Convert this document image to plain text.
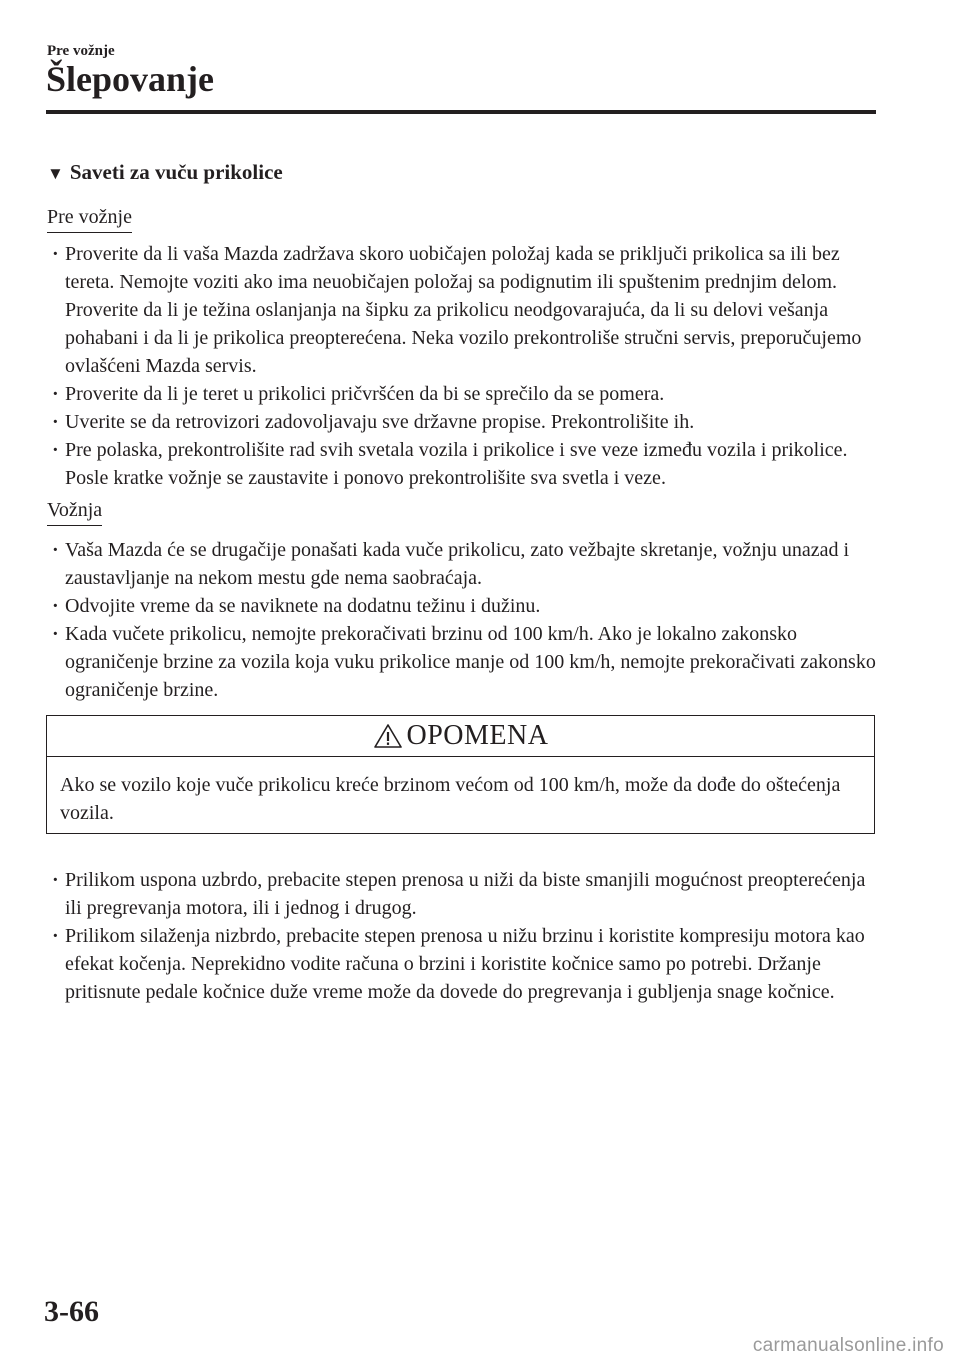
Pre vožnje
Šlepovanje
▼ Saveti za vuču prikolice
Pre vožnje
· Proverite da li vaša Mazda zadržava skoro uobičajen položaj kada se priključi prikolica sa ili bez tereta. Nemojte voziti ako ima neuobičajen položaj sa podignutim ili spuštenim prednjim delom. Proverite da li je težina oslanjanja na šipku za prikolicu neodgovarajuća, da li su delovi vešanja pohabani i da li je prikolica preopterećena. Neka vozilo prekontroliše stručni servis, preporučujemo ovlašćeni Mazda servis.
· Proverite da li je teret u prikolici pričvršćen da bi se sprečilo da se pomera.
· Uverite se da retrovizori zadovoljavaju sve državne propise. Prekontrolišite ih.
· Pre polaska, prekontrolišite rad svih svetala vozila i prikolice i sve veze između vozila i prikolice. Posle kratke vožnje se zaustavite i ponovo prekontrolišite sva svetla i veze.
Vožnja
· Vaša Mazda će se drugačije ponašati kada vuče prikolicu, zato vežbajte skretanje, vožnju unazad i zaustavljanje na nekom mestu gde nema saobraćaja.
· Odvojite vreme da se naviknete na dodatnu težinu i dužinu.
· Kada vučete prikolicu, nemojte prekoračivati brzinu od 100 km/h. Ako je lokalno zakonsko ograničenje brzine za vozila koja vuku prikolice manje od 100 km/h, nemojte prekoračivati zakonsko ograničenje brzine.
OPOMENA
Ako se vozilo koje vuče prikolicu kreće brzinom većom od 100 km/h, može da dođe do oštećenja vozila.
· Prilikom uspona uzbrdo, prebacite stepen prenosa u niži da biste smanjili mogućnost preopterećenja ili pregrevanja motora, ili i jednog i drugog.
· Prilikom silaženja nizbrdo, prebacite stepen prenosa u nižu brzinu i koristite kompresiju motora kao efekat kočenja. Neprekidno vodite računa o brzini i koristite kočnice samo po potrebi. Držanje pritisnute pedale kočnice duže vreme može da dovede do pregrevanja i gubljenja snage kočnice.
3-66
carmanualsonline.info
